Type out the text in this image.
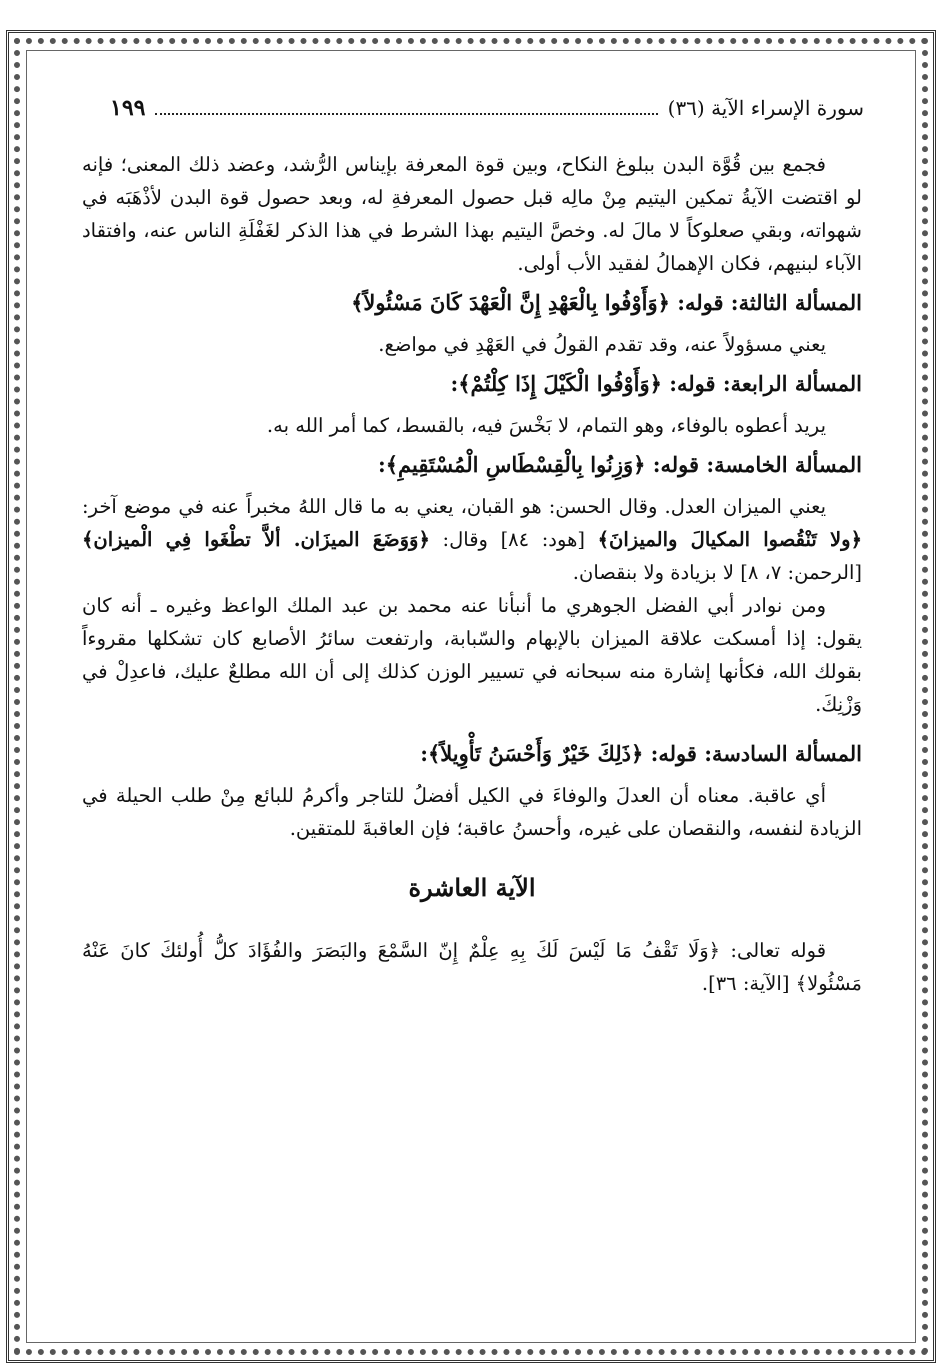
سورة الإسراء الآية (٣٦)
١٩٩

فجمع بين قُوَّة البدن ببلوغ النكاح، وبين قوة المعرفة بإيناس الرُّشد، وعضد ذلك المعنى؛ فإنه لو اقتضت الآيةُ تمكين اليتيم مِنْ مالِه قبل حصول المعرفةِ له، وبعد حصول قوة البدن لأذْهَبَه في شهواته، وبقي صعلوكاً لا مالَ له. وخصَّ اليتيم بهذا الشرط في هذا الذكر لغَفْلَةِ الناس عنه، وافتقاد الآباء لبنيهم، فكان الإهمالُ لفقيد الأب أولى.

المسألة الثالثة: قوله: ﴿وَأَوْفُوا بِالْعَهْدِ إِنَّ الْعَهْدَ كَانَ مَسْئُولاً﴾

يعني مسؤولاً عنه، وقد تقدم القولُ في العَهْدِ في مواضع.

المسألة الرابعة: قوله: ﴿وَأَوْفُوا الْكَيْلَ إِذَا كِلْتُمْ﴾:

يريد أعطوه بالوفاء، وهو التمام، لا بَخْسَ فيه، بالقسط، كما أمر الله به.

المسألة الخامسة: قوله: ﴿وَزِنُوا بِالْقِسْطَاسِ الْمُسْتَقِيمِ﴾:

يعني الميزان العدل. وقال الحسن: هو القبان، يعني به ما قال اللهُ مخبراً عنه في موضع آخر: ﴿ولا تَنْقُصوا المكيالَ والميزانَ﴾ [هود: ٨٤] وقال: ﴿وَوَضَعَ الميزَان. ألاَّ تطْغَوا فِي الْميزان﴾ [الرحمن: ٧، ٨] لا بزيادة ولا بنقصان.

ومن نوادر أبي الفضل الجوهري ما أنبأنا عنه محمد بن عبد الملك الواعظ وغيره ـ أنه كان يقول: إذا أمسكت علاقة الميزان بالإبهام والسّبابة، وارتفعت سائرُ الأصابع كان تشكلها مقروءاً بقولك الله، فكأنها إشارة منه سبحانه في تسيير الوزن كذلك إلى أن الله مطلعٌ عليك، فاعدِلْ في وَزْنِكَ.

المسألة السادسة: قوله: ﴿ذَلِكَ خَيْرٌ وَأَحْسَنُ تَأْوِيلاً﴾:

أي عاقبة. معناه أن العدلَ والوفاءَ في الكيل أفضلُ للتاجر وأكرمُ للبائع مِنْ طلب الحيلة في الزيادة لنفسه، والنقصان على غيره، وأحسنُ عاقبة؛ فإن العاقبةَ للمتقين.

الآية العاشرة

قوله تعالى: ﴿وَلَا تَقْفُ مَا لَيْسَ لَكَ بِهِ عِلْمٌ إِنّ السَّمْعَ والبَصَرَ والفُؤَادَ كلُّ أُولئكَ كانَ عَنْهُ مَسْئُولا﴾ [الآية: ٣٦].
